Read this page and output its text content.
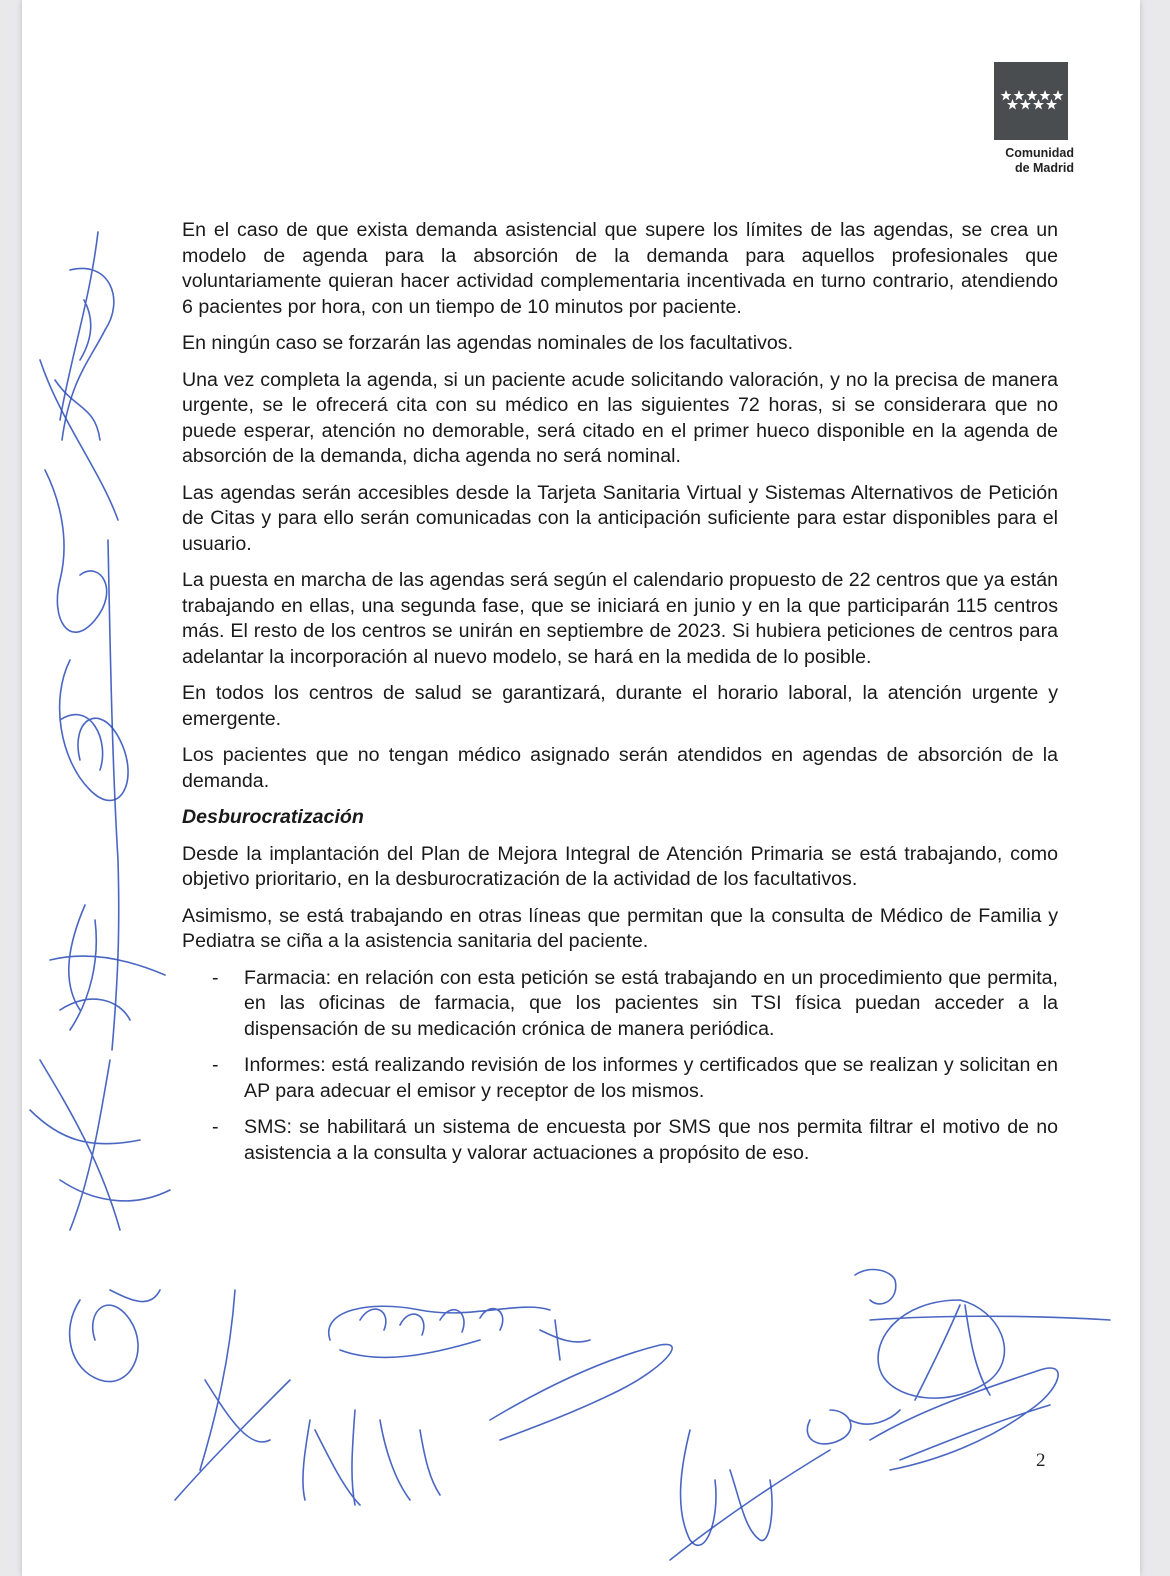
Comunidad
de Madrid

En el caso de que exista demanda asistencial que supere los límites de las agendas, se crea un modelo de agenda para la absorción de la demanda para aquellos profesionales que voluntariamente quieran hacer actividad complementaria incentivada en turno contrario, atendiendo 6 pacientes por hora, con un tiempo de 10 minutos por paciente.

En ningún caso se forzarán las agendas nominales de los facultativos.

Una vez completa la agenda, si un paciente acude solicitando valoración, y no la precisa de manera urgente, se le ofrecerá cita con su médico en las siguientes 72 horas, si se considerara que no puede esperar, atención no demorable, será citado en el primer hueco disponible en la agenda de absorción de la demanda, dicha agenda no será nominal.

Las agendas serán accesibles desde la Tarjeta Sanitaria Virtual y Sistemas Alternativos de Petición de Citas y para ello serán comunicadas con la anticipación suficiente para estar disponibles para el usuario.

La puesta en marcha de las agendas será según el calendario propuesto de 22 centros que ya están trabajando en ellas, una segunda fase, que se iniciará en junio y en la que participarán 115 centros más. El resto de los centros se unirán en septiembre de 2023. Si hubiera peticiones de centros para adelantar la incorporación al nuevo modelo, se hará en la medida de lo posible.

En todos los centros de salud se garantizará, durante el horario laboral, la atención urgente y emergente.

Los pacientes que no tengan médico asignado serán atendidos en agendas de absorción de la demanda.

Desburocratización

Desde la implantación del Plan de Mejora Integral de Atención Primaria se está trabajando, como objetivo prioritario, en la desburocratización de la actividad de los facultativos.

Asimismo, se está trabajando en otras líneas que permitan que la consulta de Médico de Familia y Pediatra se ciña a la asistencia sanitaria del paciente.

- Farmacia: en relación con esta petición se está trabajando en un procedimiento que permita, en las oficinas de farmacia, que los pacientes sin TSI física puedan acceder a la dispensación de su medicación crónica de manera periódica.
- Informes: está realizando revisión de los informes y certificados que se realizan y solicitan en AP para adecuar el emisor y receptor de los mismos.
- SMS: se habilitará un sistema de encuesta por SMS que nos permita filtrar el motivo de no asistencia a la consulta y valorar actuaciones a propósito de eso.
2
